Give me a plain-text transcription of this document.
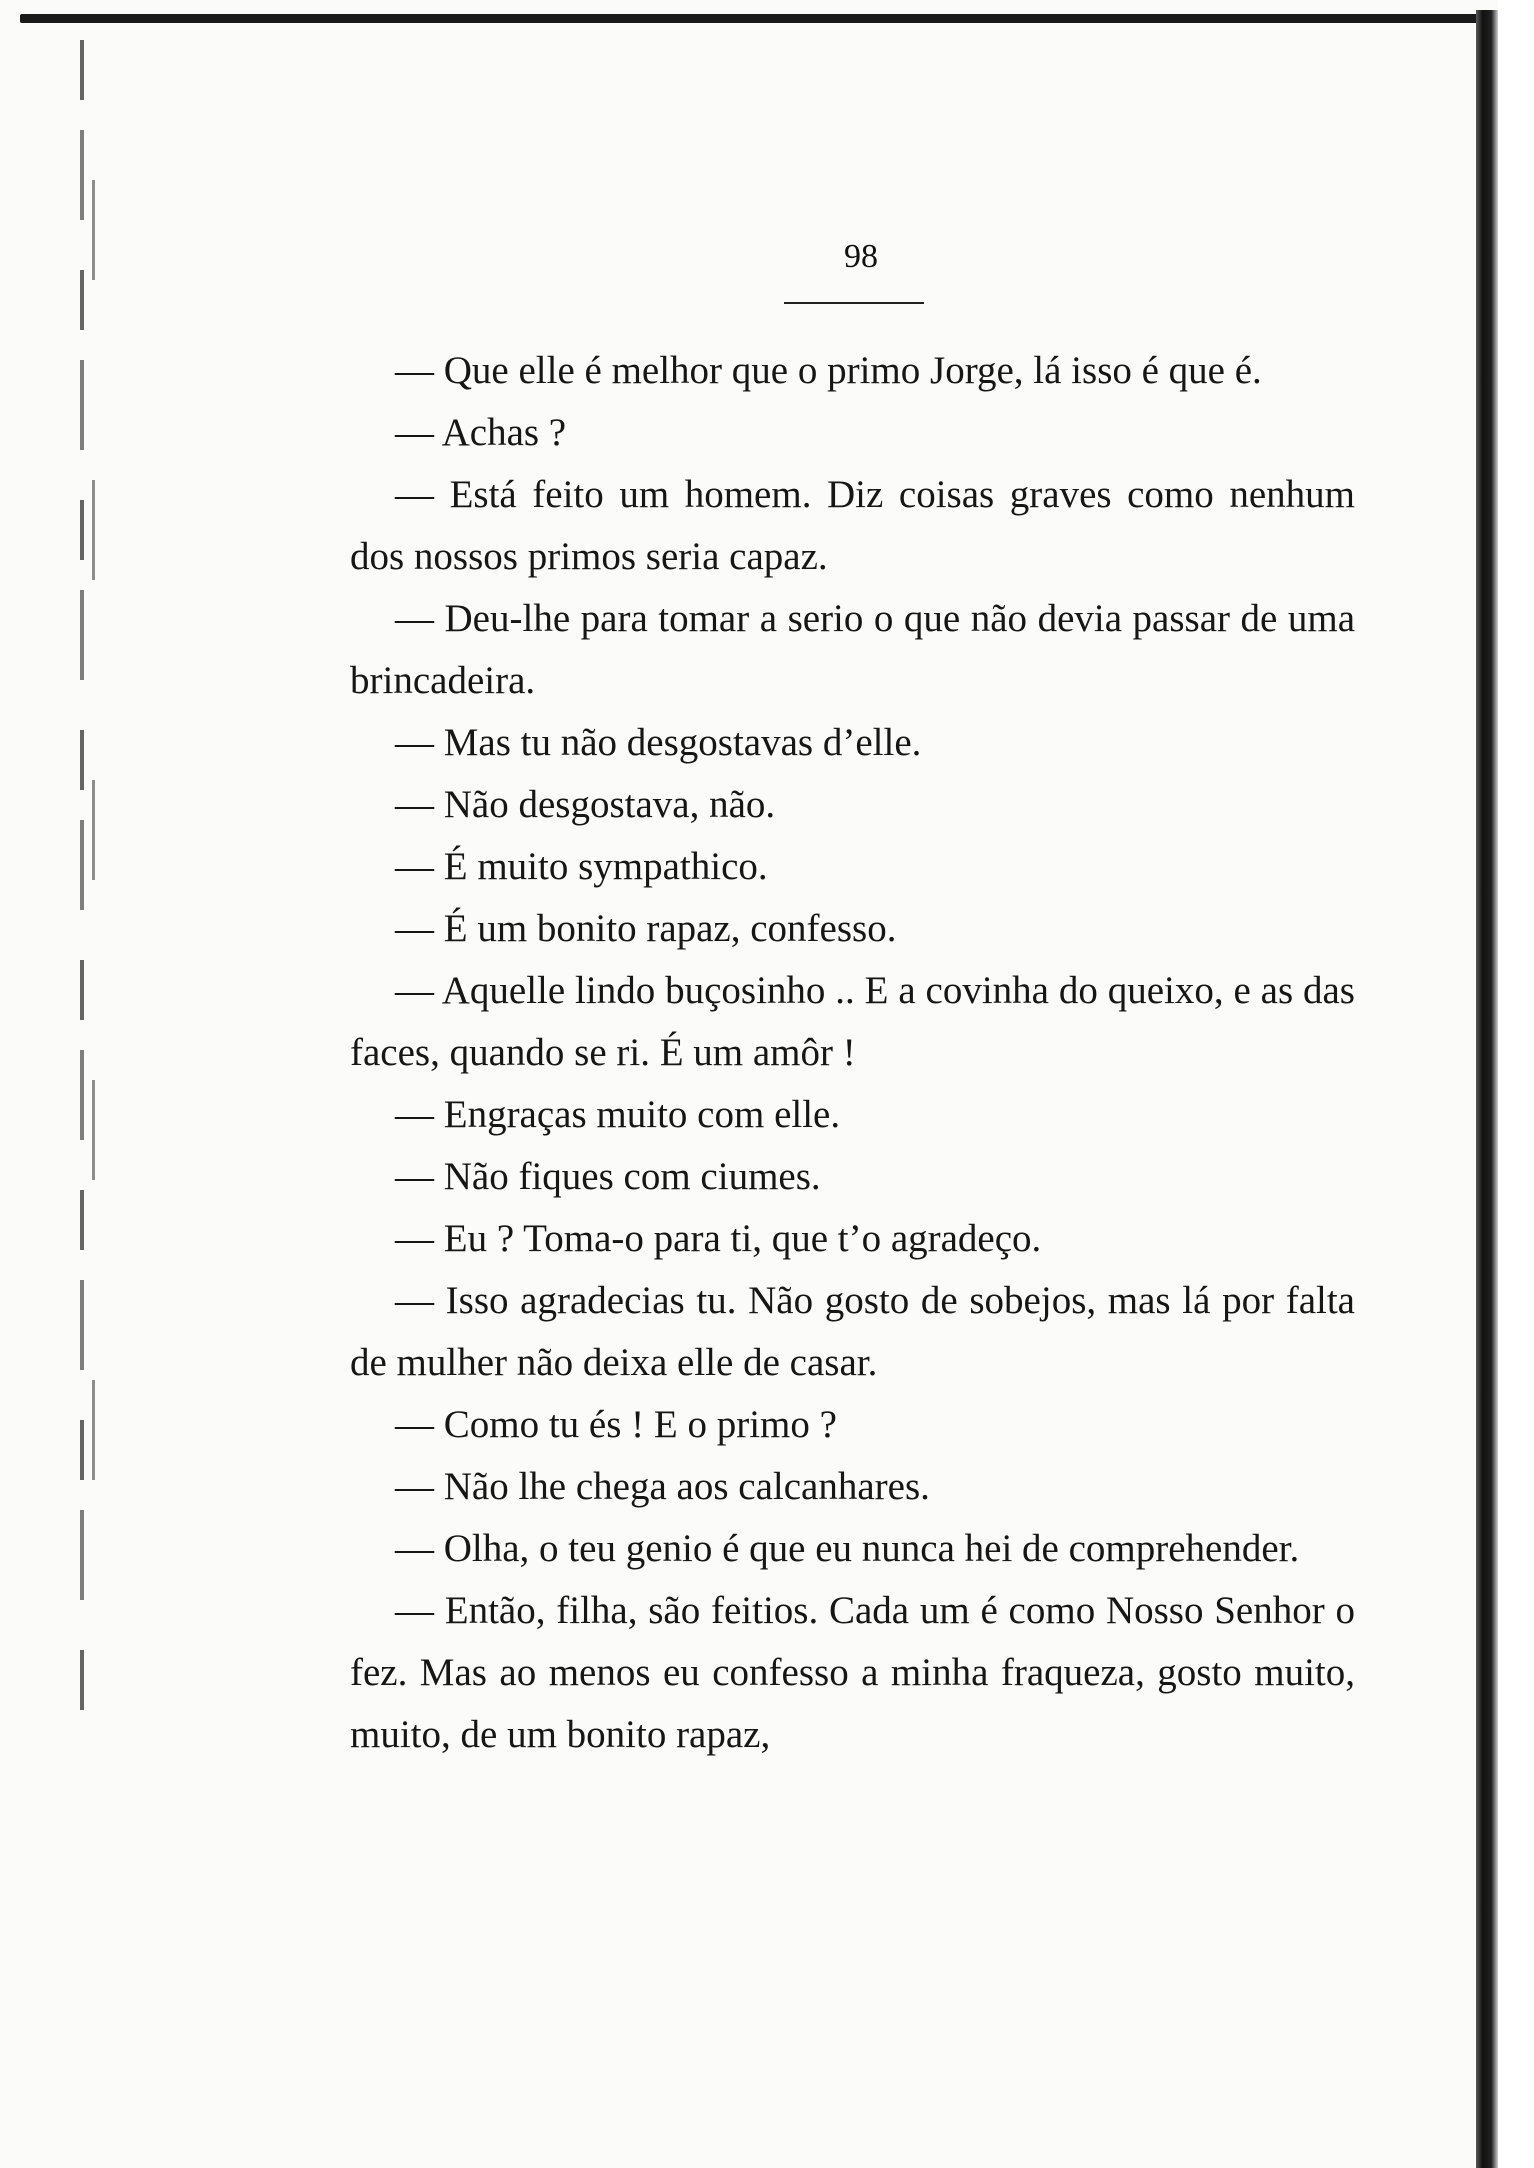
98

— Que elle é melhor que o primo Jorge, lá isso é que é.

— Achas ?

— Está feito um homem. Diz coisas graves como nenhum dos nossos primos seria capaz.

— Deu-lhe para tomar a serio o que não devia passar de uma brincadeira.

— Mas tu não desgostavas d’elle.

— Não desgostava, não.

— É muito sympathico.

— É um bonito rapaz, confesso.

— Aquelle lindo buçosinho .. E a covinha do queixo, e as das faces, quando se ri. É um amôr !

— Engraças muito com elle.

— Não fiques com ciumes.

— Eu ? Toma-o para ti, que t’o agradeço.

— Isso agradecias tu. Não gosto de sobejos, mas lá por falta de mulher não deixa elle de casar.

— Como tu és ! E o primo ?

— Não lhe chega aos calcanhares.

— Olha, o teu genio é que eu nunca hei de comprehender.

— Então, filha, são feitios. Cada um é como Nosso Senhor o fez. Mas ao menos eu confesso a minha fraqueza, gosto muito, muito, de um bonito rapaz,
